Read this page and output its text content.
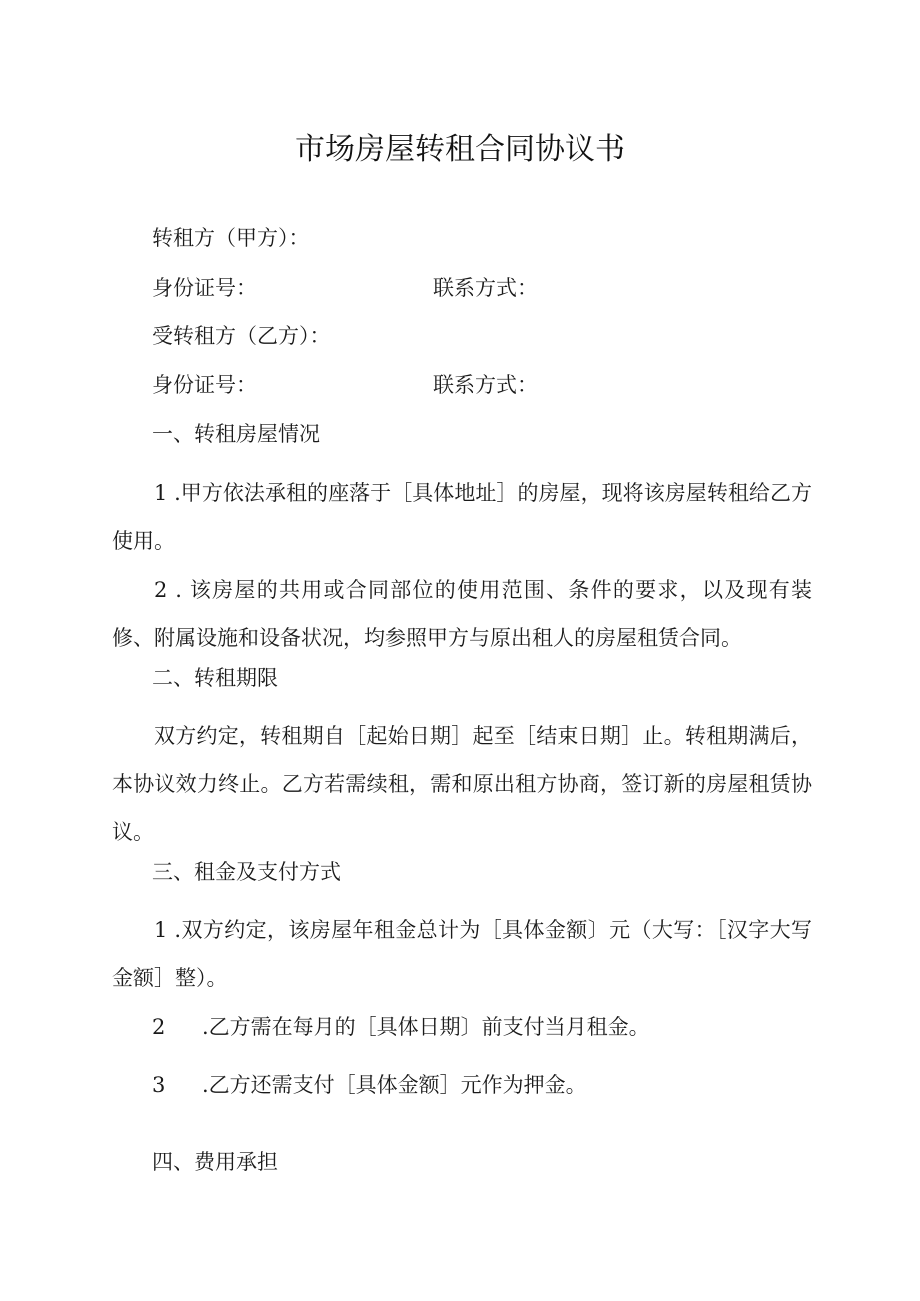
市场房屋转租合同协议书
转租方（甲方）：
身份证号：	联系方式：
受转租方（乙方）：
身份证号：	联系方式：
一、转租房屋情况
1 .甲方依法承租的座落于［具体地址］的房屋，现将该房屋转租给乙方使用。
2 . 该房屋的共用或合同部位的使用范围、条件的要求，以及现有装修、附属设施和设备状况，均参照甲方与原出租人的房屋租赁合同。
二、转租期限
双方约定，转租期自［起始日期］起至［结束日期］止。转租期满后，本协议效力终止。乙方若需续租，需和原出租方协商，签订新的房屋租赁协议。
三、租金及支付方式
1 .双方约定，该房屋年租金总计为［具体金额〕元（大写：［汉字大写金额］整）。
2 .乙方需在每月的［具体日期〕前支付当月租金。
3 .乙方还需支付［具体金额］元作为押金。
四、费用承担
